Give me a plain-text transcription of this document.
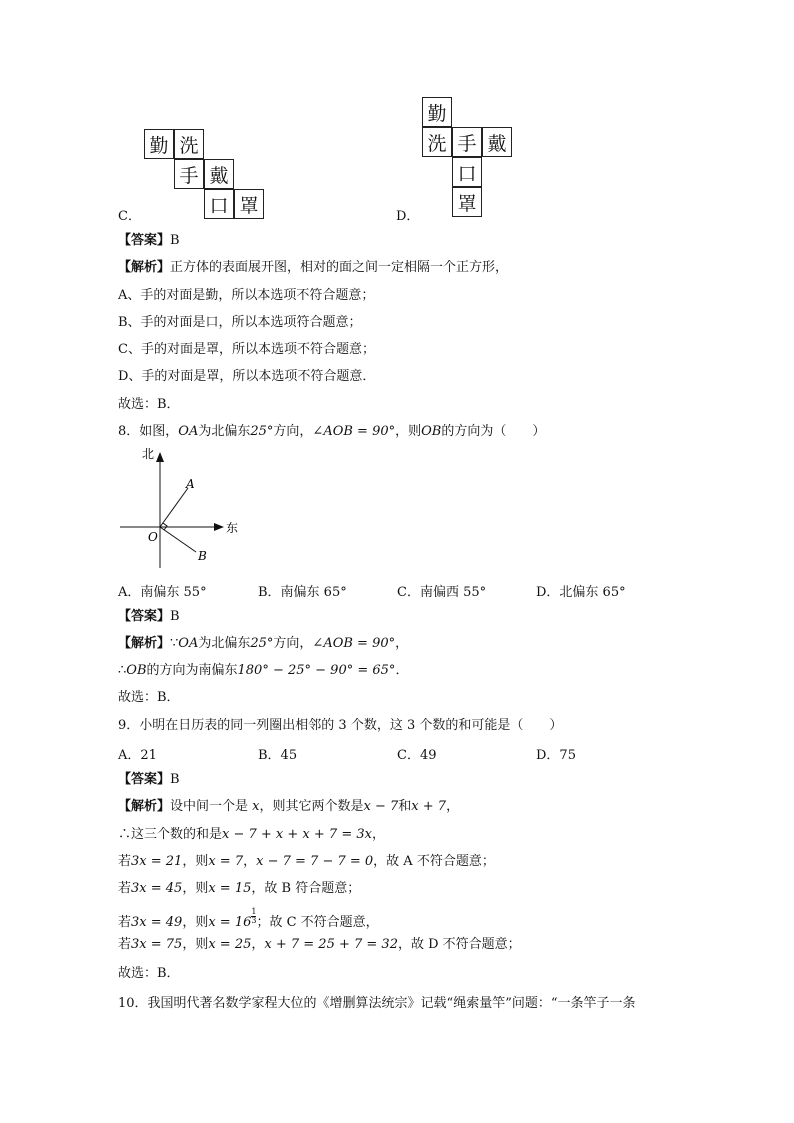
C．
勤 洗
手 戴
口 罩	D．
勤
洗 手 戴
口
罩
【答案】B
【解析】正方体的表面展开图，相对的面之间一定相隔一个正方形，
A、手的对面是勤，所以本选项不符合题意；
B、手的对面是口，所以本选项符合题意；
C、手的对面是罩，所以本选项不符合题意；
D、手的对面是罩，所以本选项不符合题意．
故选：B．
8．如图，OA为北偏东25°方向，∠AOB = 90°，则OB的方向为（　　）
北
东
O
A
B
A．南偏东 55°	B．南偏东 65°	C．南偏西 55°	D．北偏东 65°
【答案】B
【解析】∵OA为北偏东25°方向，∠AOB = 90°，
∴OB的方向为南偏东180° − 25° − 90° = 65°．
故选：B．
9．小明在日历表的同一列圈出相邻的 3 个数，这 3 个数的和可能是（　　）
A．21	B．45	C．49	D．75
【答案】B
【解析】设中间一个是 x，则其它两个数是x − 7和x + 7，
∴这三个数的和是x − 7 + x + x + 7 = 3x，
若3x = 21，则x = 7，x − 7 = 7 − 7 = 0，故 A 不符合题意；
若3x = 45，则x = 15，故 B 符合题意；
若3x = 49，则$x = 16 \frac{1}{3}$ ；故 C 不符合题意，
若3x = 75，则x = 25，x + 7 = 25 + 7 = 32，故 D 不符合题意；
故选：B．
10．我国明代著名数学家程大位的《增删算法统宗》记载“绳索量竿”问题：“一条竿子一条
